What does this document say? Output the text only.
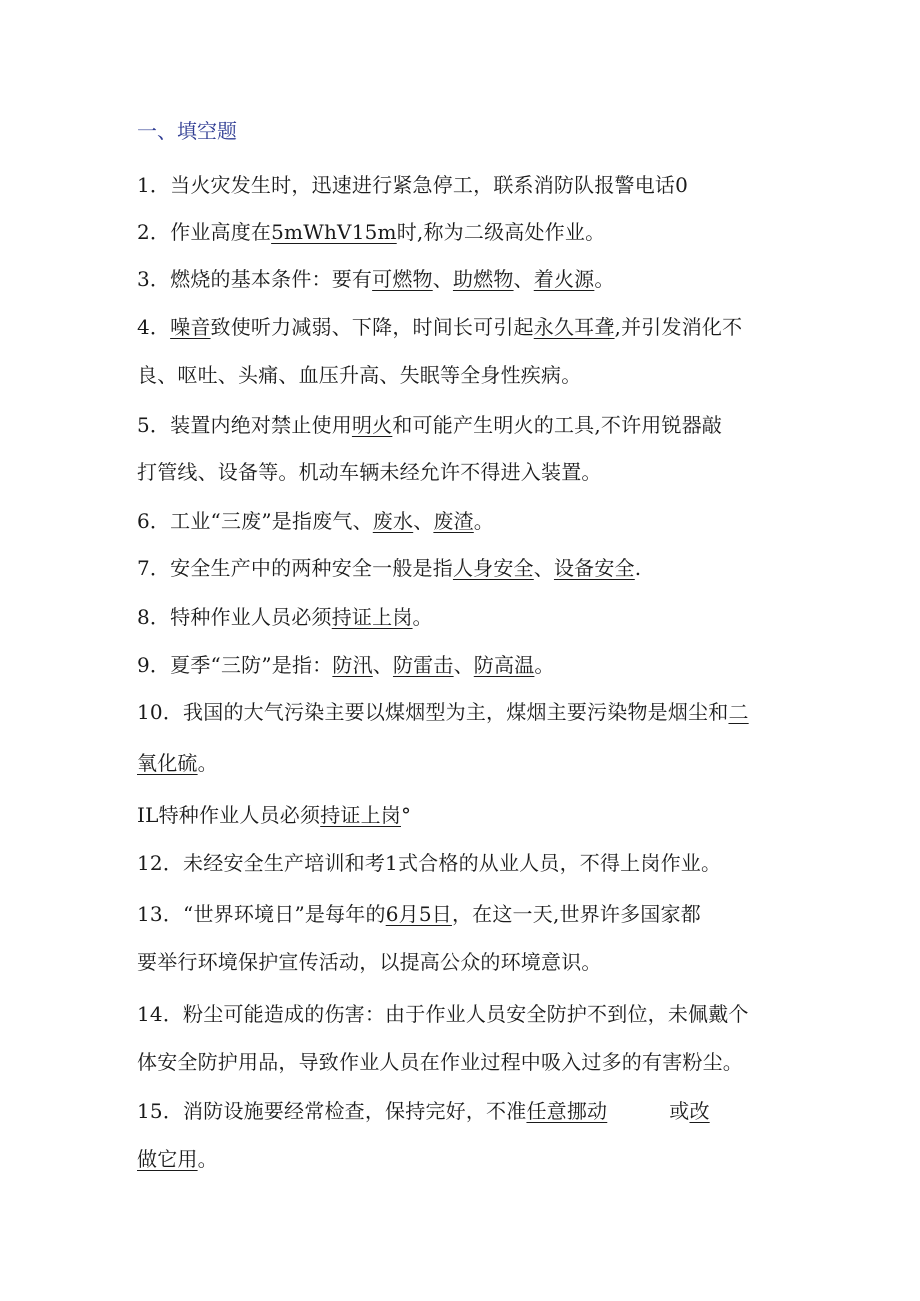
一、填空题
1．当火灾发生时，迅速进行紧急停工，联系消防队报警电话0
2．作业高度在5mWhV15m时,称为二级高处作业。
3．燃烧的基本条件：要有可燃物、助燃物、着火源。
4．噪音致使听力减弱、下降，时间长可引起永久耳聋,并引发消化不
良、呕吐、头痛、血压升高、失眠等全身性疾病。
5．装置内绝对禁止使用明火和可能产生明火的工具,不许用锐器敲
打管线、设备等。机动车辆未经允许不得进入装置。
6．工业“三废”是指废气、废水、废渣。
7．安全生产中的两种安全一般是指人身安全、设备安全.
8．特种作业人员必须持证上岗。
9．夏季“三防”是指：防汛、防雷击、防高温。
10．我国的大气污染主要以煤烟型为主，煤烟主要污染物是烟尘和二
氧化硫。
IL特种作业人员必须持证上岗°
12．未经安全生产培训和考1式合格的从业人员，不得上岗作业。
13．“世界环境日”是每年的6月5日，在这一天,世界许多国家都
要举行环境保护宣传活动，以提高公众的环境意识。
14．粉尘可能造成的伤害：由于作业人员安全防护不到位，未佩戴个
体安全防护用品，导致作业人员在作业过程中吸入过多的有害粉尘。
15．消防设施要经常检查，保持完好，不准任意挪动	或改
做它用。
